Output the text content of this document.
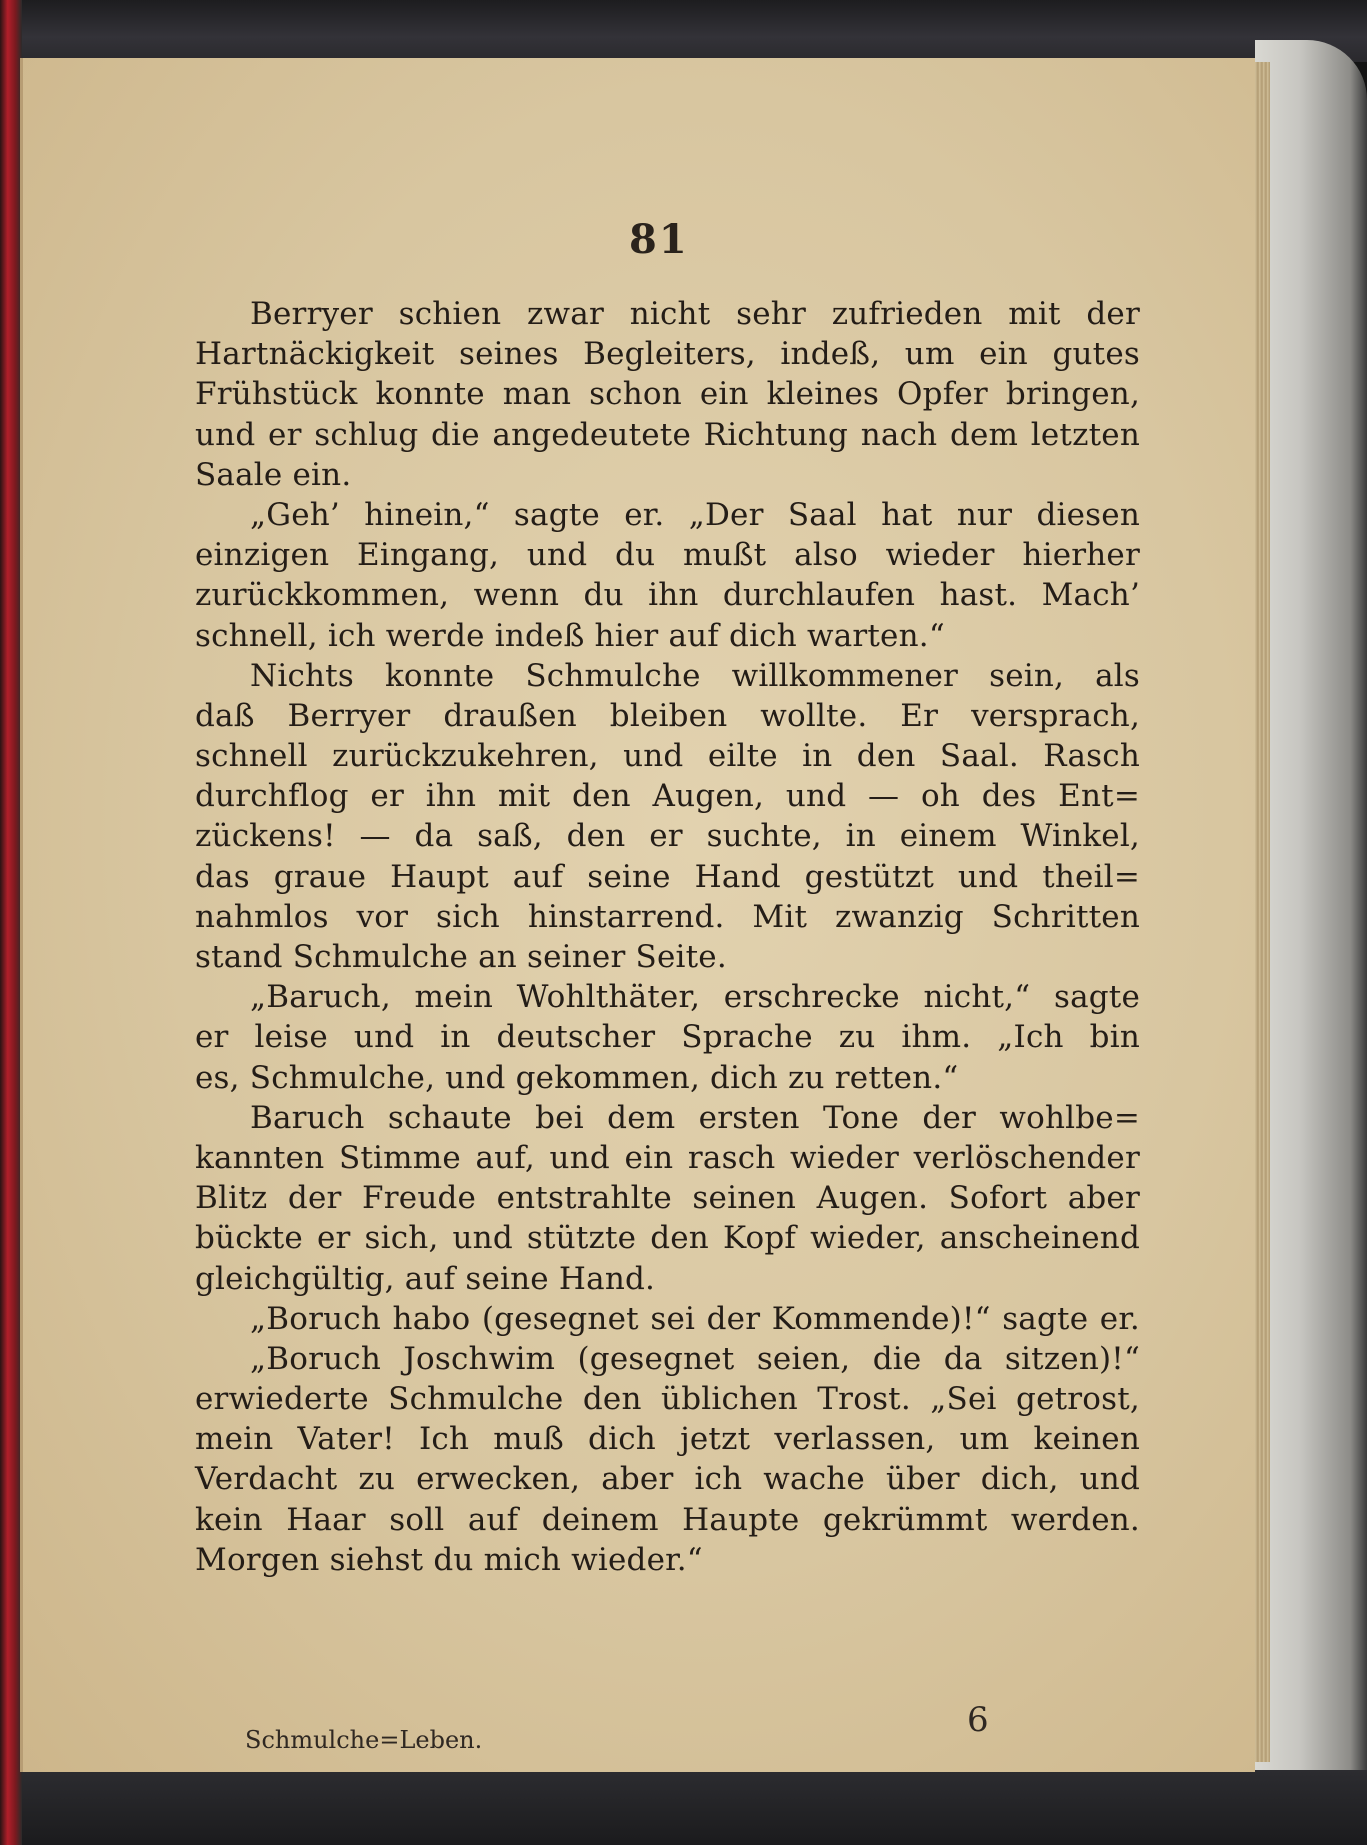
81
Berryer schien zwar nicht sehr zufrieden mit der
Hartnäckigkeit seines Begleiters, indeß, um ein gutes
Frühstück konnte man schon ein kleines Opfer bringen,
und er schlug die angedeutete Richtung nach dem letzten
Saale ein.
„Geh’ hinein,“ sagte er. „Der Saal hat nur diesen
einzigen Eingang, und du mußt also wieder hierher
zurückkommen, wenn du ihn durchlaufen hast. Mach’
schnell, ich werde indeß hier auf dich warten.“
Nichts konnte Schmulche willkommener sein, als
daß Berryer draußen bleiben wollte. Er versprach,
schnell zurückzukehren, und eilte in den Saal. Rasch
durchflog er ihn mit den Augen, und — oh des Ent=
zückens! — da saß, den er suchte, in einem Winkel,
das graue Haupt auf seine Hand gestützt und theil=
nahmlos vor sich hinstarrend. Mit zwanzig Schritten
stand Schmulche an seiner Seite.
„Baruch, mein Wohlthäter, erschrecke nicht,“ sagte
er leise und in deutscher Sprache zu ihm. „Ich bin
es, Schmulche, und gekommen, dich zu retten.“
Baruch schaute bei dem ersten Tone der wohlbe=
kannten Stimme auf, und ein rasch wieder verlöschender
Blitz der Freude entstrahlte seinen Augen. Sofort aber
bückte er sich, und stützte den Kopf wieder, anscheinend
gleichgültig, auf seine Hand.
„Boruch habo (gesegnet sei der Kommende)!“ sagte er.
„Boruch Joschwim (gesegnet seien, die da sitzen)!“
erwiederte Schmulche den üblichen Trost. „Sei getrost,
mein Vater! Ich muß dich jetzt verlassen, um keinen
Verdacht zu erwecken, aber ich wache über dich, und
kein Haar soll auf deinem Haupte gekrümmt werden.
Morgen siehst du mich wieder.“
Schmulche=Leben.	6
